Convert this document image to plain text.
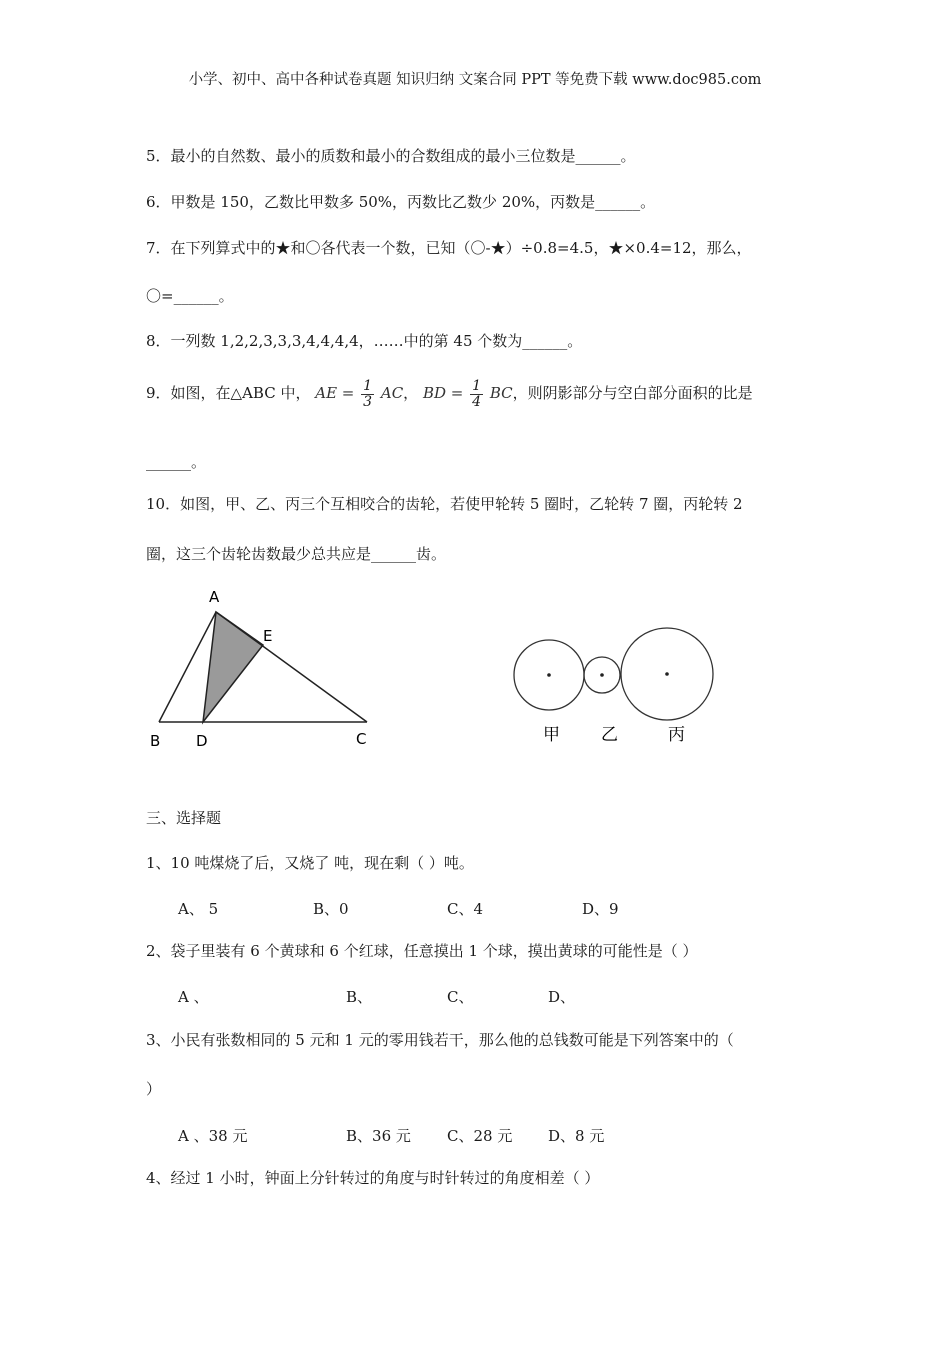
小学、初中、高中各种试卷真题 知识归纳 文案合同 PPT 等免费下载 www.doc985.com
5．最小的自然数、最小的质数和最小的合数组成的最小三位数是______。
6．甲数是 150，乙数比甲数多 50%，丙数比乙数少 20%，丙数是______。
7．在下列算式中的★和〇各代表一个数，已知（〇-★）÷0.8=4.5，★×0.4=12，那么，
〇=______。
8．一列数 1,2,2,3,3,3,4,4,4,4，……中的第 45 个数为______。
9．如图，在△ABC 中， AE = $\frac{1}{3}$ AC， BD = $\frac{1}{4}$ BC，则阴影部分与空白部分面积的比是
______。
10．如图，甲、乙、丙三个互相咬合的齿轮，若使甲轮转 5 圈时，乙轮转 7 圈，丙轮转 2
圈，这三个齿轮齿数最少总共应是______齿。
A
E
B D	C	甲 乙	丙
三、选择题
1、10 吨煤烧了后，又烧了 吨，现在剩（ ）吨。
A、 5	B、0	C、4	D、9
2、袋子里装有 6 个黄球和 6 个红球，任意摸出 1 个球，摸出黄球的可能性是（ ）
A 、	B、	C、	D、
3、小民有张数相同的 5 元和 1 元的零用钱若干，那么他的总钱数可能是下列答案中的（
）
A 、38 元	B、36 元 C、28 元 D、8 元
4、经过 1 小时，钟面上分针转过的角度与时针转过的角度相差（ ）
